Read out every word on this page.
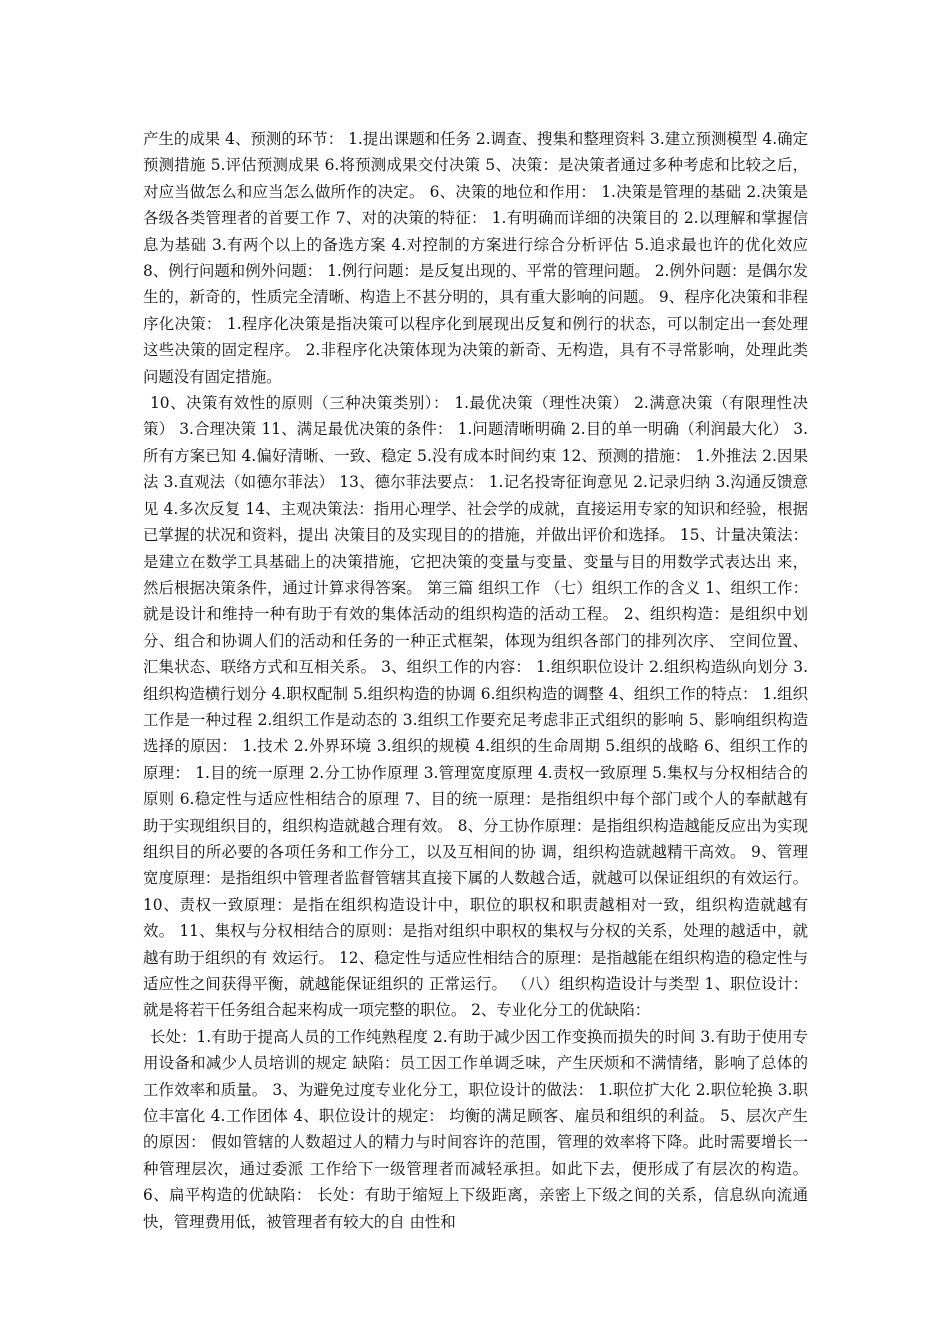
产生的成果 4、预测的环节： 1.提出课题和任务 2.调查、搜集和整理资料 3.建立预测模型 4.确定预测措施 5.评估预测成果 6.将预测成果交付决策 5、决策：是决策者通过多种考虑和比较之后，对应当做怎么和应当怎么做所作的决定。 6、决策的地位和作用： 1.决策是管理的基础 2.决策是各级各类管理者的首要工作 7、对的决策的特征： 1.有明确而详细的决策目的 2.以理解和掌握信息为基础 3.有两个以上的备选方案 4.对控制的方案进行综合分析评估 5.追求最也许的优化效应 8、例行问题和例外问题： 1.例行问题：是反复出现的、平常的管理问题。 2.例外问题：是偶尔发生的，新奇的，性质完全清晰、构造上不甚分明的，具有重大影响的问题。 9、程序化决策和非程序化决策： 1.程序化决策是指决策可以程序化到展现出反复和例行的状态，可以制定出一套处理这些决策的固定程序。 2.非程序化决策体现为决策的新奇、无构造，具有不寻常影响，处理此类问题没有固定措施。

10、决策有效性的原则（三种决策类别）： 1.最优决策（理性决策） 2.满意决策（有限理性决策） 3.合理决策 11、满足最优决策的条件： 1.问题清晰明确 2.目的单一明确（利润最大化） 3.所有方案已知 4.偏好清晰、一致、稳定 5.没有成本时间约束 12、预测的措施： 1.外推法 2.因果法 3.直观法（如德尔菲法） 13、德尔菲法要点： 1.记名投寄征询意见 2.记录归纳 3.沟通反馈意见 4.多次反复 14、主观决策法：指用心理学、社会学的成就，直接运用专家的知识和经验，根据已掌握的状况和资料，提出 决策目的及实现目的的措施，并做出评价和选择。 15、计量决策法：是建立在数学工具基础上的决策措施，它把决策的变量与变量、变量与目的用数学式表达出 来，然后根据决策条件，通过计算求得答案。 第三篇 组织工作 （七）组织工作的含义 1、组织工作：就是设计和维持一种有助于有效的集体活动的组织构造的活动工程。 2、组织构造：是组织中划分、组合和协调人们的活动和任务的一种正式框架，体现为组织各部门的排列次序、 空间位置、汇集状态、联络方式和互相关系。 3、组织工作的内容： 1.组织职位设计 2.组织构造纵向划分 3.组织构造横行划分 4.职权配制 5.组织构造的协调 6.组织构造的调整 4、组织工作的特点： 1.组织工作是一种过程 2.组织工作是动态的 3.组织工作要充足考虑非正式组织的影响 5、影响组织构造选择的原因： 1.技术 2.外界环境 3.组织的规模 4.组织的生命周期 5.组织的战略 6、组织工作的原理： 1.目的统一原理 2.分工协作原理 3.管理宽度原理 4.责权一致原理 5.集权与分权相结合的原则 6.稳定性与适应性相结合的原理 7、目的统一原理：是指组织中每个部门或个人的奉献越有助于实现组织目的，组织构造就越合理有效。 8、分工协作原理：是指组织构造越能反应出为实现组织目的所必要的各项任务和工作分工，以及互相间的协 调，组织构造就越精干高效。 9、管理宽度原理：是指组织中管理者监督管辖其直接下属的人数越合适，就越可以保证组织的有效运行。 10、责权一致原理：是指在组织构造设计中，职位的职权和职责越相对一致，组织构造就越有效。 11、集权与分权相结合的原则：是指对组织中职权的集权与分权的关系，处理的越适中，就越有助于组织的有 效运行。 12、稳定性与适应性相结合的原理：是指越能在组织构造的稳定性与适应性之间获得平衡，就越能保证组织的 正常运行。 （八）组织构造设计与类型 1、职位设计：就是将若干任务组合起来构成一项完整的职位。 2、专业化分工的优缺陷：

长处：1.有助于提高人员的工作纯熟程度 2.有助于减少因工作变换而损失的时间 3.有助于使用专用设备和减少人员培训的规定 缺陷：员工因工作单调乏味，产生厌烦和不满情绪，影响了总体的工作效率和质量。 3、为避免过度专业化分工，职位设计的做法： 1.职位扩大化 2.职位轮换 3.职位丰富化 4.工作团体 4、职位设计的规定： 均衡的满足顾客、雇员和组织的利益。 5、层次产生的原因： 假如管辖的人数超过人的精力与时间容许的范围，管理的效率将下降。此时需要增长一种管理层次，通过委派 工作给下一级管理者而减轻承担。如此下去，便形成了有层次的构造。 6、扁平构造的优缺陷： 长处：有助于缩短上下级距离，亲密上下级之间的关系，信息纵向流通快，管理费用低，被管理者有较大的自 由性和
